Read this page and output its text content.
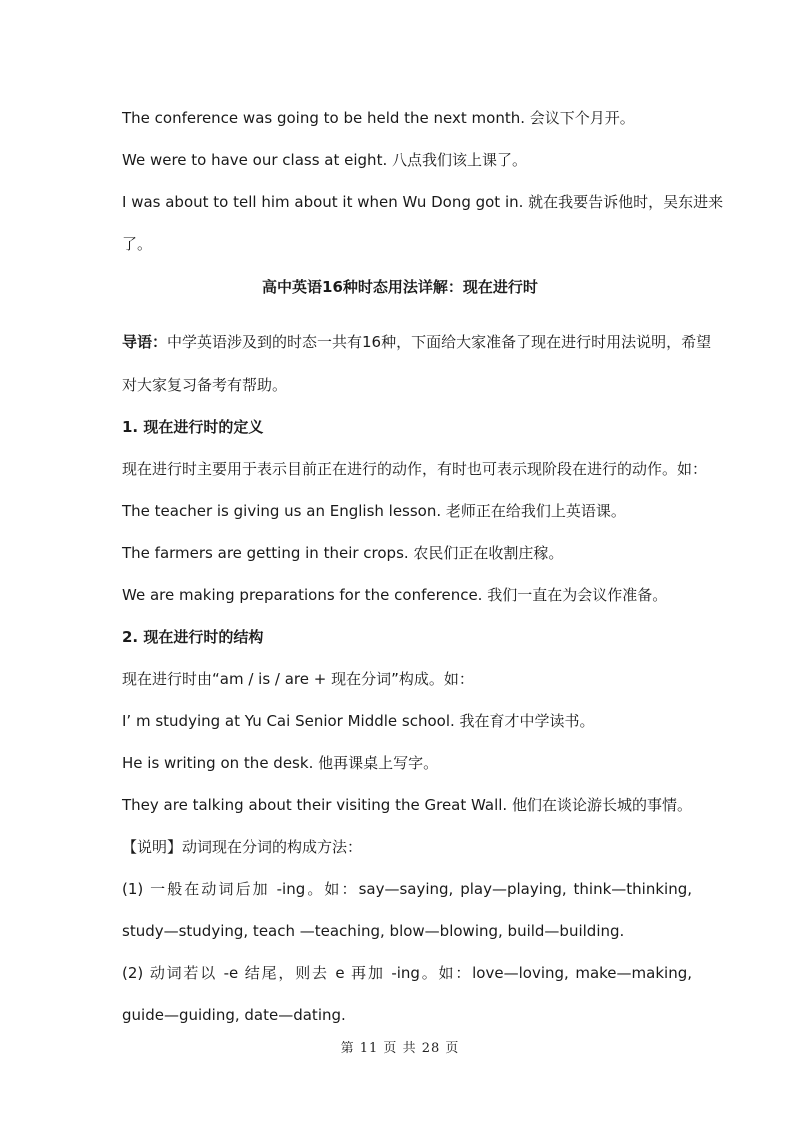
The conference was going to be held the next month. 会议下个月开。
We were to have our class at eight. 八点我们该上课了。
I was about to tell him about it when Wu Dong got in. 就在我要告诉他时，吴东进来
了。
高中英语16种时态用法详解：现在进行时
导语：中学英语涉及到的时态一共有16种，下面给大家准备了现在进行时用法说明，希望
对大家复习备考有帮助。
1. 现在进行时的定义
现在进行时主要用于表示目前正在进行的动作，有时也可表示现阶段在进行的动作。如：
The teacher is giving us an English lesson. 老师正在给我们上英语课。
The farmers are getting in their crops. 农民们正在收割庄稼。
We are making preparations for the conference. 我们一直在为会议作准备。
2. 现在进行时的结构
现在进行时由“am / is / are + 现在分词”构成。如：
I’ m studying at Yu Cai Senior Middle school. 我在育才中学读书。
He is writing on the desk. 他再课桌上写字。
They are talking about their visiting the Great Wall. 他们在谈论游长城的事情。
【说明】动词现在分词的构成方法：
(1) 一般在动词后加 -ing。如：say—saying, play—playing, think—thinking,
study—studying, teach —teaching, blow—blowing, build—building.
(2) 动词若以 -e 结尾，则去 e 再加 -ing。如：love—loving, make—making,
guide—guiding, date—dating.
第 11 页 共 28 页
